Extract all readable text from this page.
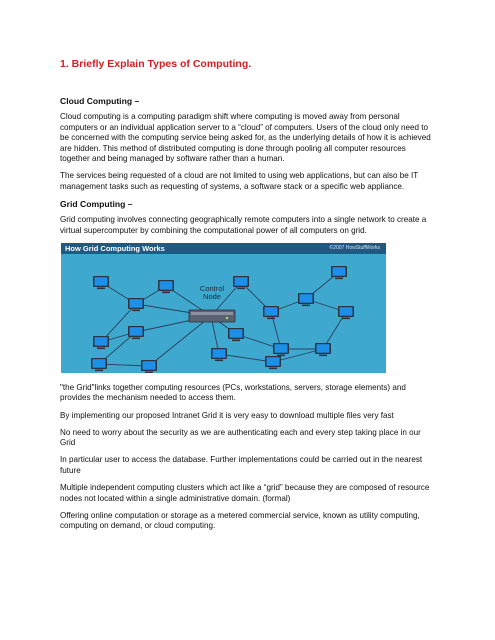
1. Briefly Explain Types of Computing.
Cloud Computing –

Cloud computing is a computing paradigm shift where computing is moved away from personal computers or an individual application server to a “cloud” of computers. Users of the cloud only need to be concerned with the computing service being asked for, as the underlying details of how it is achieved are hidden. This method of distributed computing is done through pooling all computer resources together and being managed by software rather than a human.

The services being requested of a cloud are not limited to using web applications, but can also be IT management tasks such as requesting of systems, a software stack or a specific web appliance.

Grid Computing –

Grid computing involves connecting geographically remote computers into a single network to create a virtual supercomputer by combining the computational power of all computers on grid.

How Grid Computing Works	©2007 HowStuffWorks
Control
Node

"the Grid"links together computing resources (PCs, workstations, servers, storage elements) and provides the mechanism needed to access them.

By implementing our proposed Intranet Grid it is very easy to download multiple files very fast

No need to worry about the security as we are authenticating each and every step taking place in our Grid

In particular user to access the database. Further implementations could be carried out in the nearest future

Multiple independent computing clusters which act like a “grid” because they are composed of resource nodes not located within a single administrative domain. (formal)

Offering online computation or storage as a metered commercial service, known as utility computing, computing on demand, or cloud computing.
